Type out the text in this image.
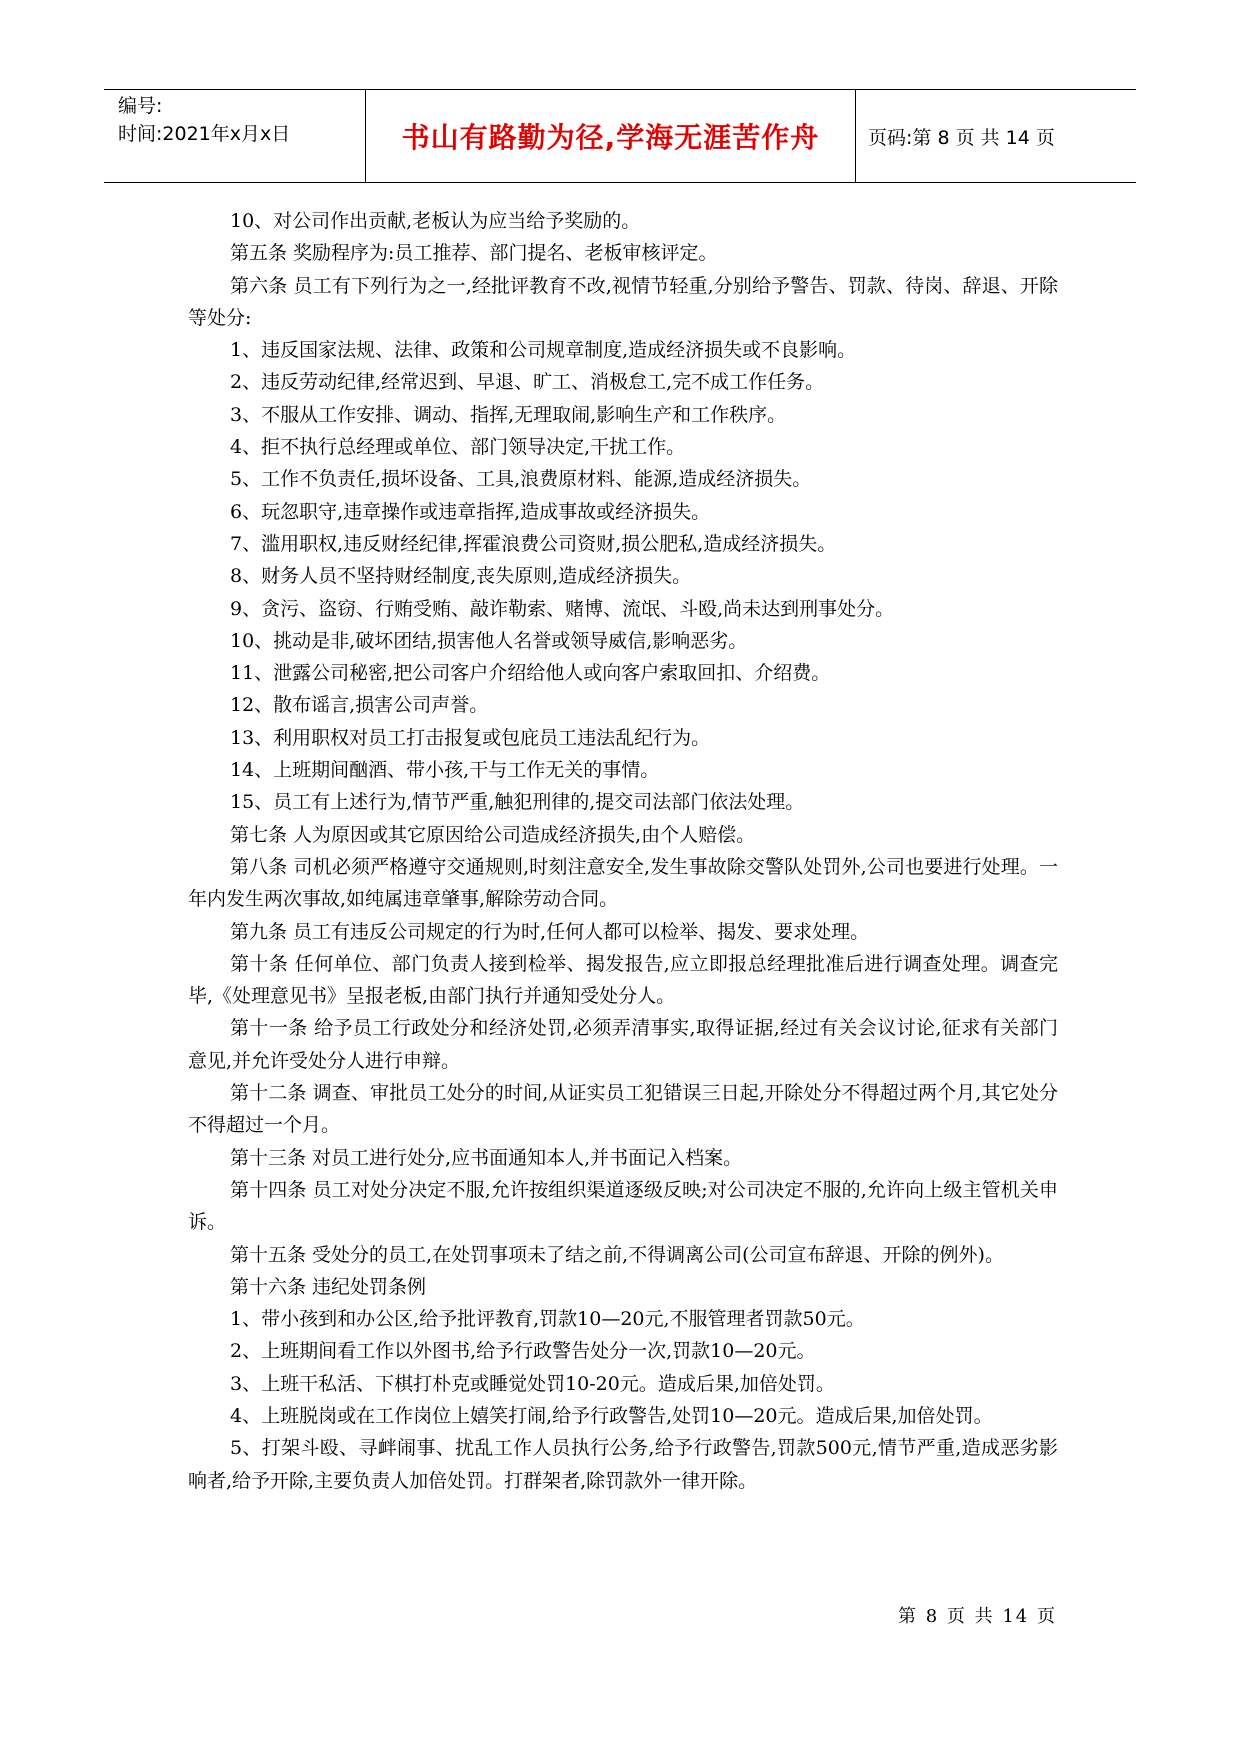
编号:
时间:2021年x月x日	书山有路勤为径,学海无涯苦作舟	页码:第 8 页 共 14 页

10、对公司作出贡献,老板认为应当给予奖励的。

第五条 奖励程序为:员工推荐、部门提名、老板审核评定。

第六条 员工有下列行为之一,经批评教育不改,视情节轻重,分别给予警告、罚款、待岗、辞退、开除等处分:

1、违反国家法规、法律、政策和公司规章制度,造成经济损失或不良影响。

2、违反劳动纪律,经常迟到、早退、旷工、消极怠工,完不成工作任务。

3、不服从工作安排、调动、指挥,无理取闹,影响生产和工作秩序。

4、拒不执行总经理或单位、部门领导决定,干扰工作。

5、工作不负责任,损坏设备、工具,浪费原材料、能源,造成经济损失。

6、玩忽职守,违章操作或违章指挥,造成事故或经济损失。

7、滥用职权,违反财经纪律,挥霍浪费公司资财,损公肥私,造成经济损失。

8、财务人员不坚持财经制度,丧失原则,造成经济损失。

9、贪污、盗窃、行贿受贿、敲诈勒索、赌博、流氓、斗殴,尚未达到刑事处分。

10、挑动是非,破坏团结,损害他人名誉或领导威信,影响恶劣。

11、泄露公司秘密,把公司客户介绍给他人或向客户索取回扣、介绍费。

12、散布谣言,损害公司声誉。

13、利用职权对员工打击报复或包庇员工违法乱纪行为。

14、上班期间酗酒、带小孩,干与工作无关的事情。

15、员工有上述行为,情节严重,触犯刑律的,提交司法部门依法处理。

第七条 人为原因或其它原因给公司造成经济损失,由个人赔偿。

第八条 司机必须严格遵守交通规则,时刻注意安全,发生事故除交警队处罚外,公司也要进行处理。一年内发生两次事故,如纯属违章肇事,解除劳动合同。

第九条 员工有违反公司规定的行为时,任何人都可以检举、揭发、要求处理。

第十条 任何单位、部门负责人接到检举、揭发报告,应立即报总经理批准后进行调查处理。调查完毕,《处理意见书》呈报老板,由部门执行并通知受处分人。

第十一条 给予员工行政处分和经济处罚,必须弄清事实,取得证据,经过有关会议讨论,征求有关部门意见,并允许受处分人进行申辩。

第十二条 调查、审批员工处分的时间,从证实员工犯错误三日起,开除处分不得超过两个月,其它处分不得超过一个月。

第十三条 对员工进行处分,应书面通知本人,并书面记入档案。

第十四条 员工对处分决定不服,允许按组织渠道逐级反映;对公司决定不服的,允许向上级主管机关申诉。

第十五条 受处分的员工,在处罚事项未了结之前,不得调离公司(公司宣布辞退、开除的例外)。

第十六条 违纪处罚条例

1、带小孩到和办公区,给予批评教育,罚款10—20元,不服管理者罚款50元。

2、上班期间看工作以外图书,给予行政警告处分一次,罚款10—20元。

3、上班干私活、下棋打朴克或睡觉处罚10-20元。造成后果,加倍处罚。

4、上班脱岗或在工作岗位上嬉笑打闹,给予行政警告,处罚10—20元。造成后果,加倍处罚。

5、打架斗殴、寻衅闹事、扰乱工作人员执行公务,给予行政警告,罚款500元,情节严重,造成恶劣影响者,给予开除,主要负责人加倍处罚。打群架者,除罚款外一律开除。

第 8 页 共 14 页
